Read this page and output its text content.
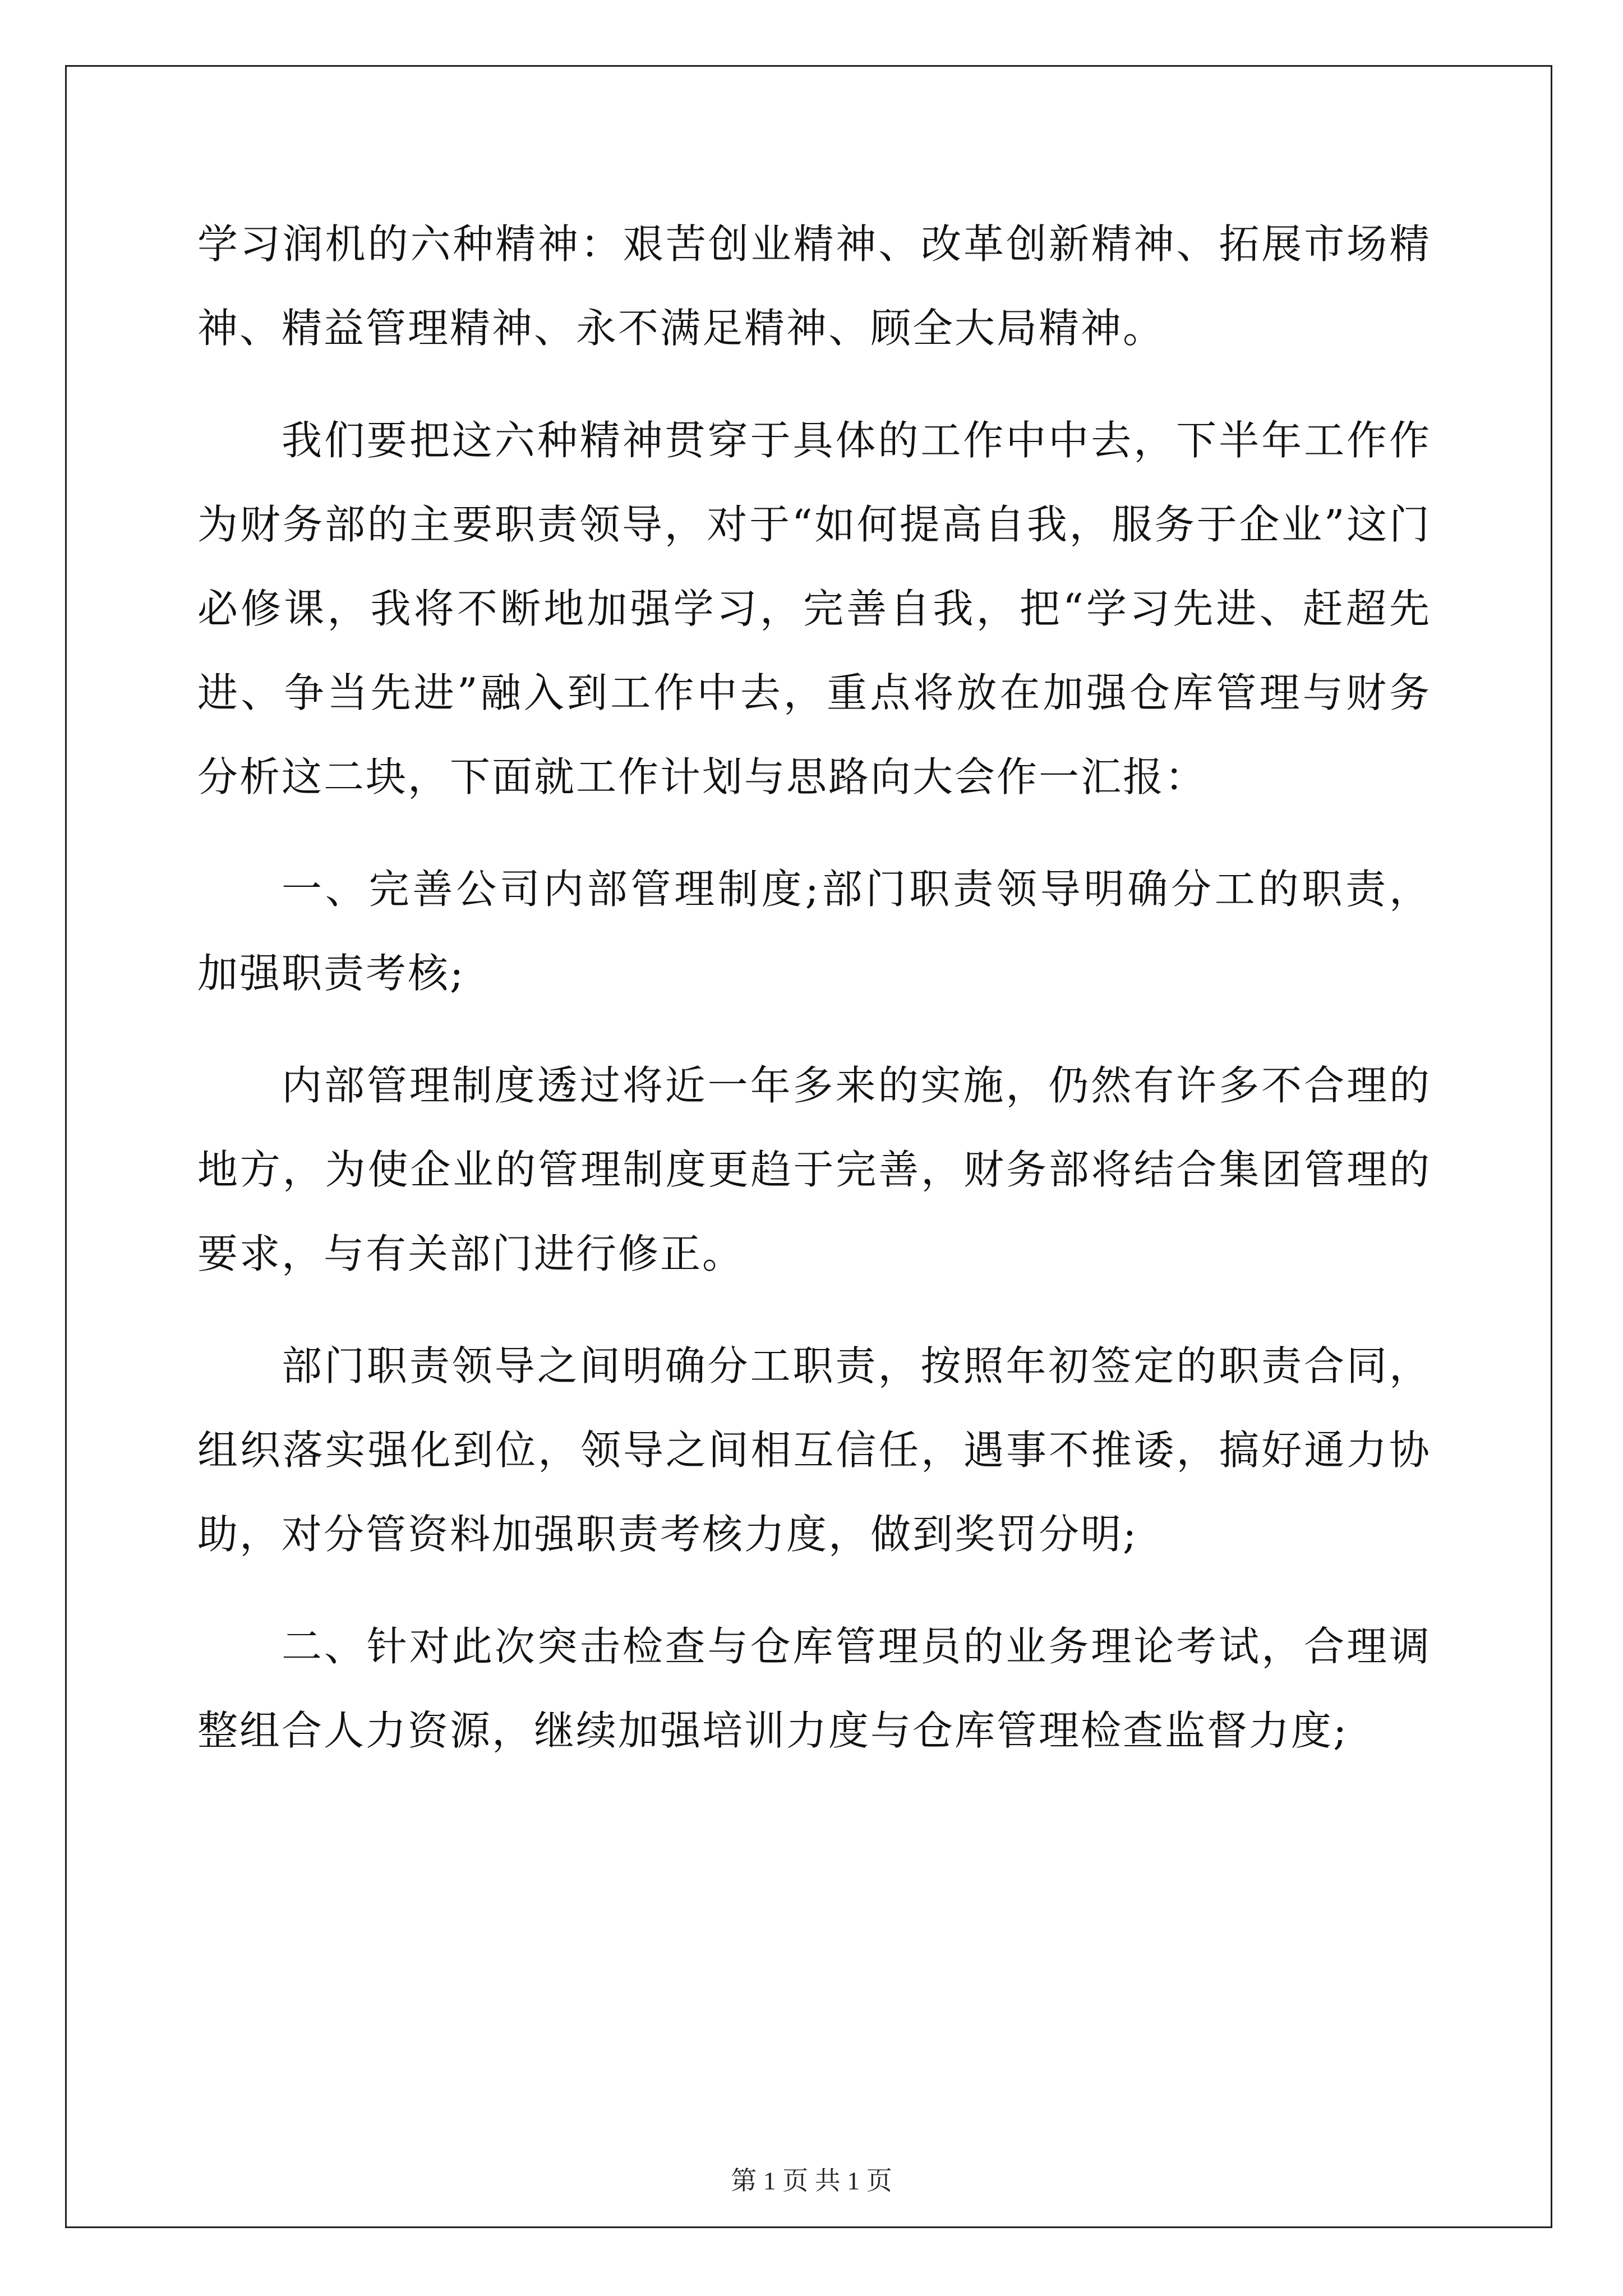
学习润机的六种精神：艰苦创业精神、改革创新精神、拓展市场精神、精益管理精神、永不满足精神、顾全大局精神。

我们要把这六种精神贯穿于具体的工作中中去，下半年工作作为财务部的主要职责领导，对于“如何提高自我，服务于企业”这门必修课，我将不断地加强学习，完善自我，把“学习先进、赶超先进、争当先进”融入到工作中去，重点将放在加强仓库管理与财务分析这二块，下面就工作计划与思路向大会作一汇报：

一、完善公司内部管理制度;部门职责领导明确分工的职责，加强职责考核;

内部管理制度透过将近一年多来的实施，仍然有许多不合理的地方，为使企业的管理制度更趋于完善，财务部将结合集团管理的要求，与有关部门进行修正。

部门职责领导之间明确分工职责，按照年初签定的职责合同，组织落实强化到位，领导之间相互信任，遇事不推诿，搞好通力协助，对分管资料加强职责考核力度，做到奖罚分明;

二、针对此次突击检查与仓库管理员的业务理论考试，合理调整组合人力资源，继续加强培训力度与仓库管理检查监督力度;

第 1 页 共 1 页
